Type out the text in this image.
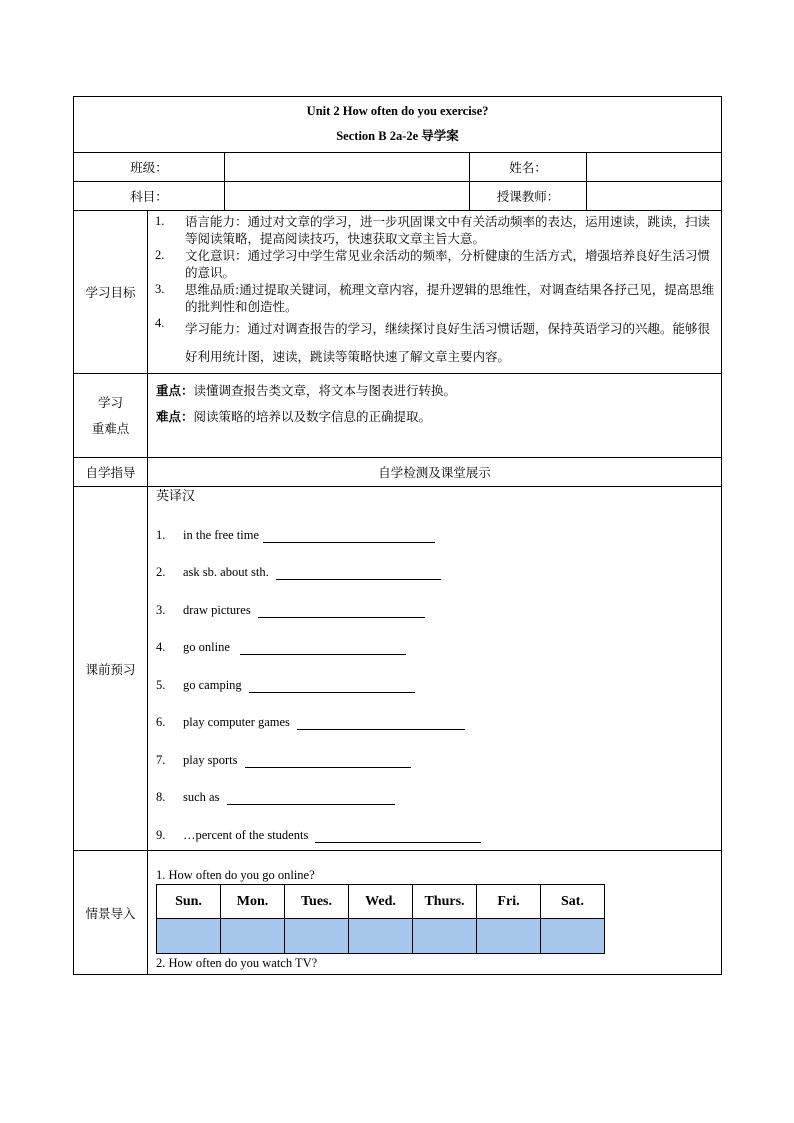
Unit 2 How often do you exercise?
Section B 2a-2e 导学案

班级：		姓名：	
科目：		授课教师：	
学习目标	
1.	语言能力：通过对文章的学习，进一步巩固课文中有关活动频率的表达，运用速读，跳读，扫读等阅读策略，提高阅读技巧，快速获取文章主旨大意。
2.	文化意识：通过学习中学生常见业余活动的频率，分析健康的生活方式，增强培养良好生活习惯的意识。
3.	思维品质:通过提取关键词，梳理文章内容，提升逻辑的思维性，对调查结果各抒己见，提高思维的批判性和创造性。
4.	学习能力：通过对调查报告的学习，继续探讨良好生活习惯话题，保持英语学习的兴趣。能够很好利用统计图，速读，跳读等策略快速了解文章主要内容。

学习
重难点

重点：读懂调查报告类文章，将文本与图表进行转换。
难点：阅读策略的培养以及数字信息的正确提取。

自学指导	自学检测及课堂展示
课前预习	
英译汉
1.	in the free time
2.	ask sb. about sth.
3.	draw pictures
4.	go online
5.	go camping
6.	play computer games
7.	play sports
8.	such as
9.	…percent of the students

情景导入	
1. How often do you go online?
Sun.	Mon.	Tues.	Wed.	Thurs.	Fri.	Sat.

2. How often do you watch TV?
